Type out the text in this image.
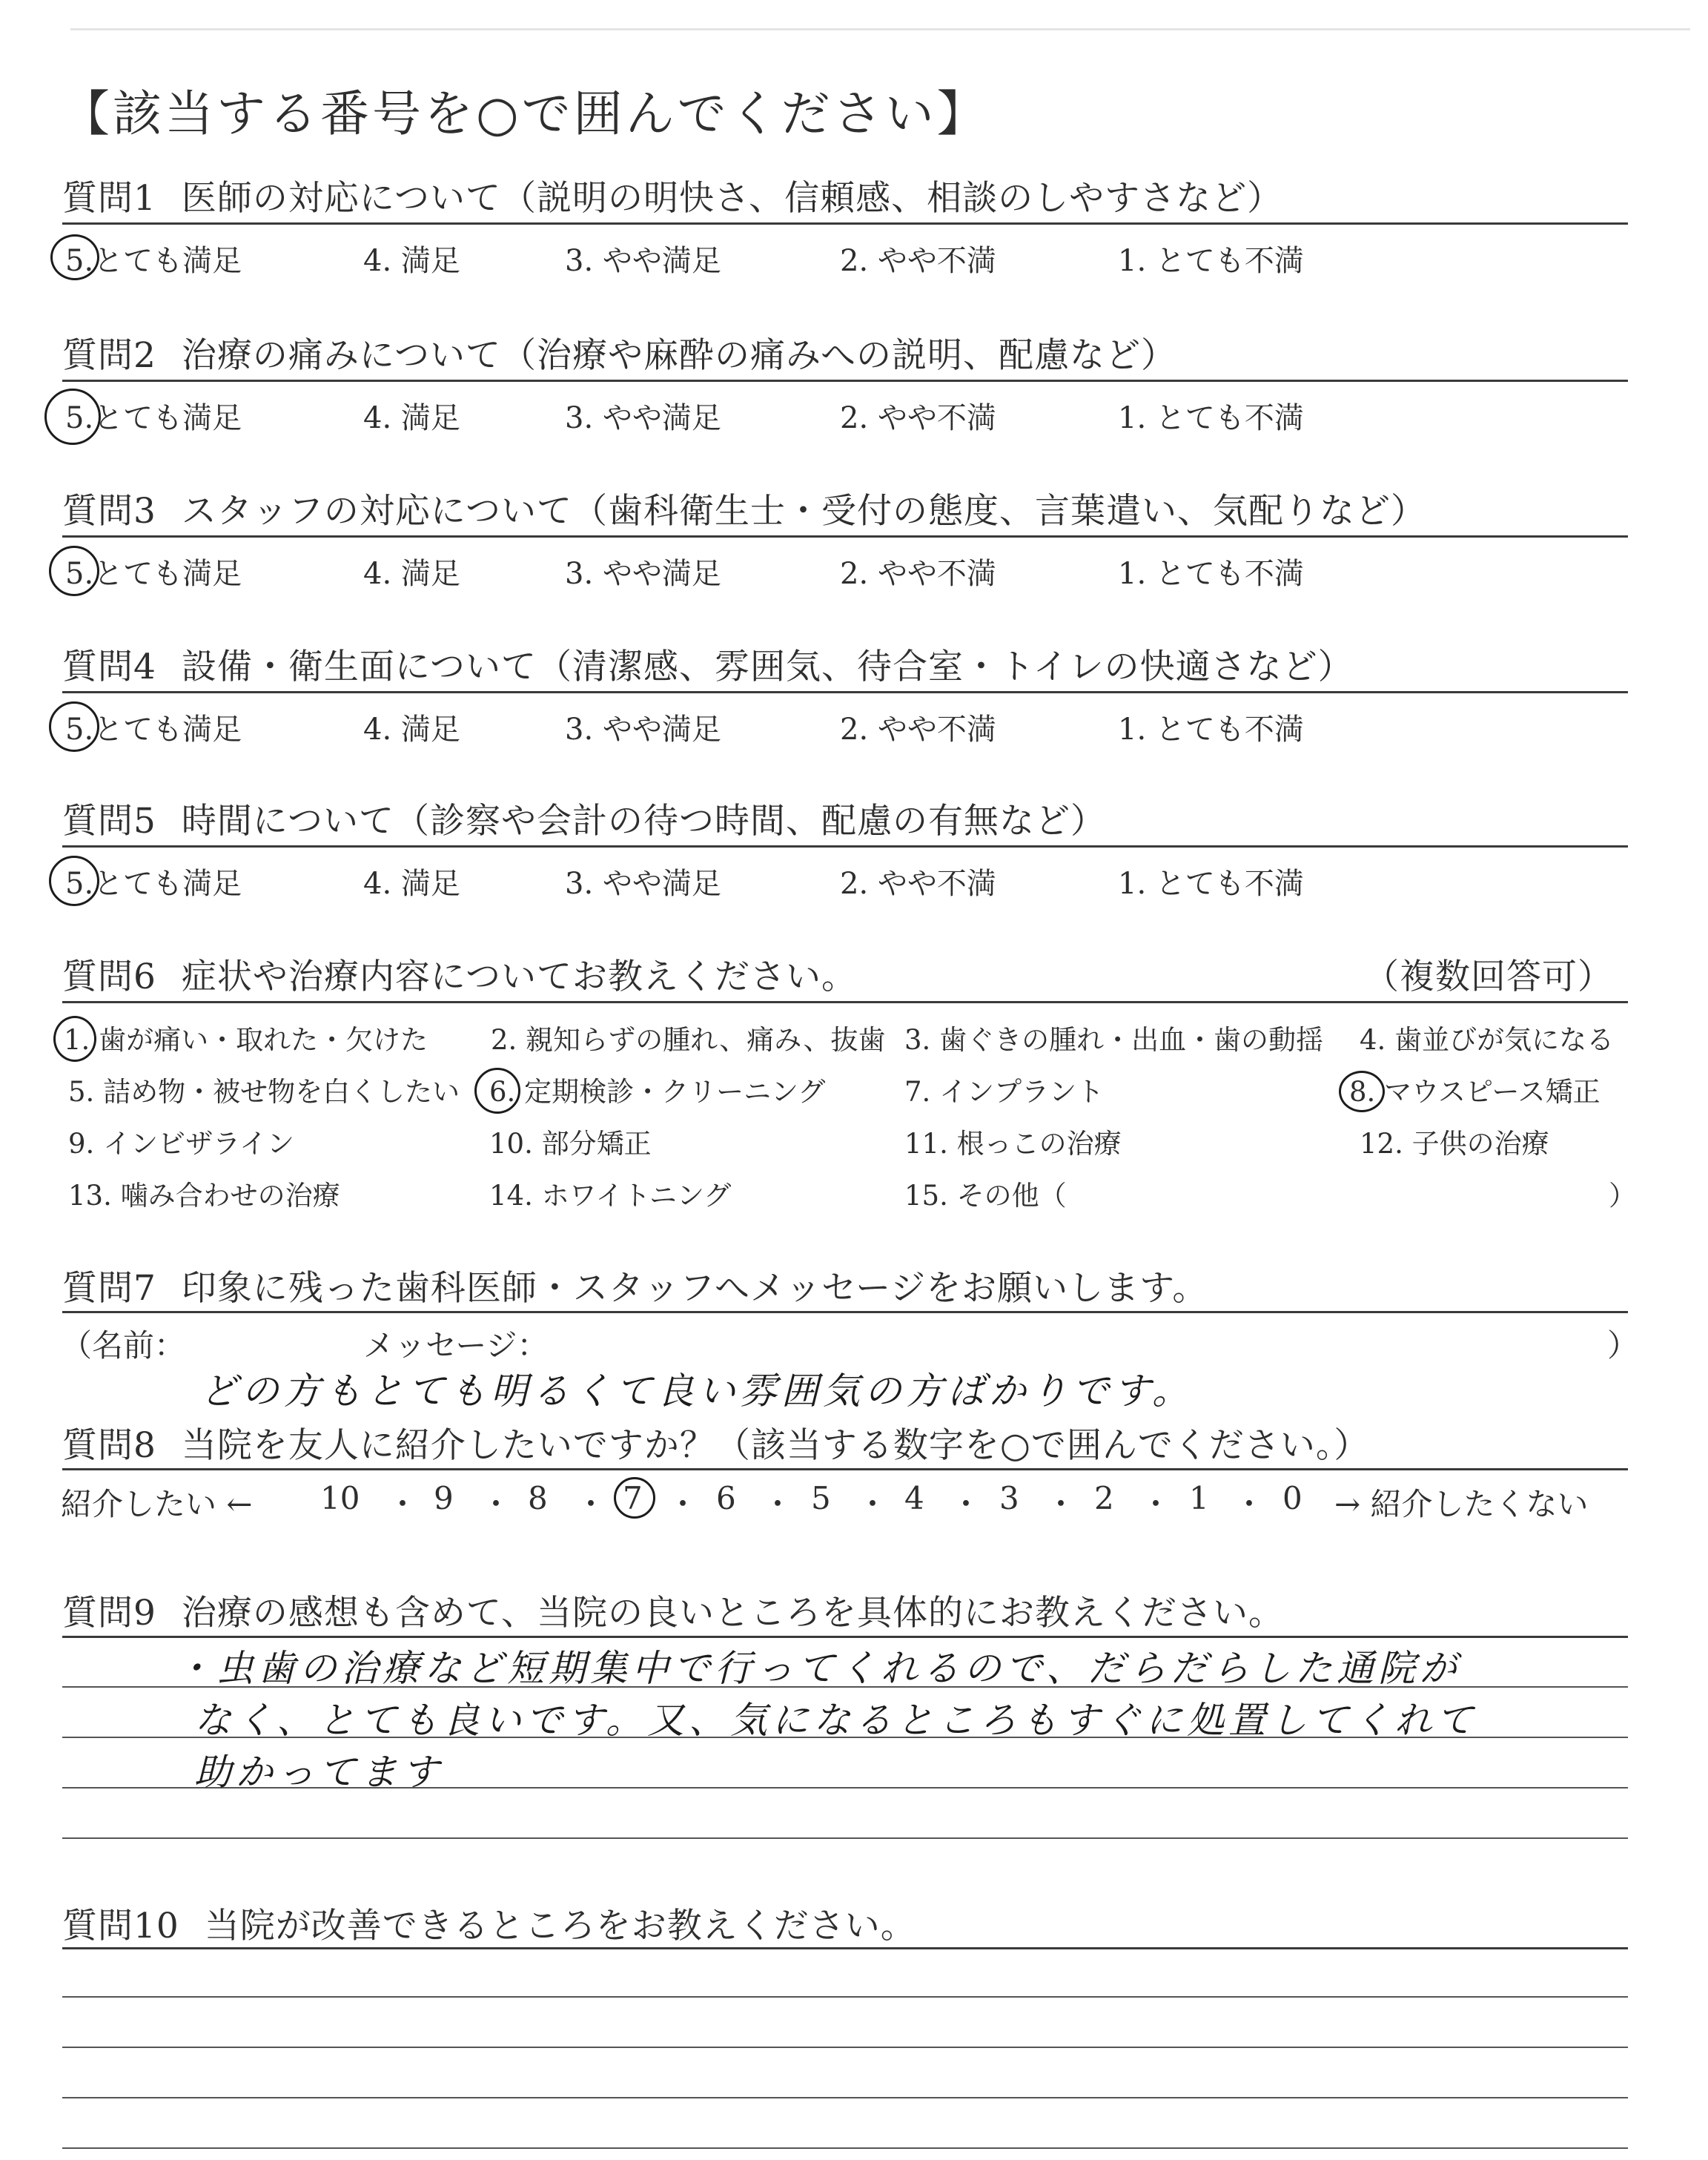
【該当する番号を○で囲んでください】
質問1 医師の対応について（説明の明快さ、信頼感、相談のしやすさなど）
5.とても満足	4. 満足	3. やや満足	2. やや不満	1. とても不満
質問2 治療の痛みについて（治療や麻酔の痛みへの説明、配慮など）
5.とても満足	4. 満足	3. やや満足	2. やや不満	1. とても不満
質問3 スタッフの対応について（歯科衛生士・受付の態度、言葉遣い、気配りなど）
5.とても満足	4. 満足	3. やや満足	2. やや不満	1. とても不満
質問4 設備・衛生面について（清潔感、雰囲気、待合室・トイレの快適さなど）
5.とても満足	4. 満足	3. やや満足	2. やや不満	1. とても不満
質問5 時間について（診察や会計の待つ時間、配慮の有無など）
5.とても満足	4. 満足	3. やや満足	2. やや不満	1. とても不満
質問6 症状や治療内容についてお教えください。	（複数回答可）
1. 歯が痛い・取れた・欠けた 2. 親知らずの腫れ、痛み、抜歯 3. 歯ぐきの腫れ・出血・歯の動揺 4. 歯並びが気になる
5. 詰め物・被せ物を白くしたい 6. 定期検診・クリーニング	7. インプラント	8. マウスピース矯正
9. インビザライン	10. 部分矯正	11. 根っこの治療	12. 子供の治療
13. 噛み合わせの治療	14. ホワイトニング	15. その他（	）
質問7 印象に残った歯科医師・スタッフへメッセージをお願いします。
（名前：	メッセージ：	）
どの方もとても明るくて良い雰囲気の方ばかりです。
質問8 当院を友人に紹介したいですか？（該当する数字を○で囲んでください。）
紹介したい ←	→ 紹介したくない
10 ・ 9 ・ 8 ・ 7 ・ 6 ・ 5 ・ 4 ・ 3 ・ 2 ・ 1 ・ 0
質問9 治療の感想も含めて、当院の良いところを具体的にお教えください。
・虫歯の治療など短期集中で行ってくれるので、だらだらした通院が
なく、とても良いです。又、気になるところもすぐに処置してくれて
助かってます
質問10 当院が改善できるところをお教えください。
